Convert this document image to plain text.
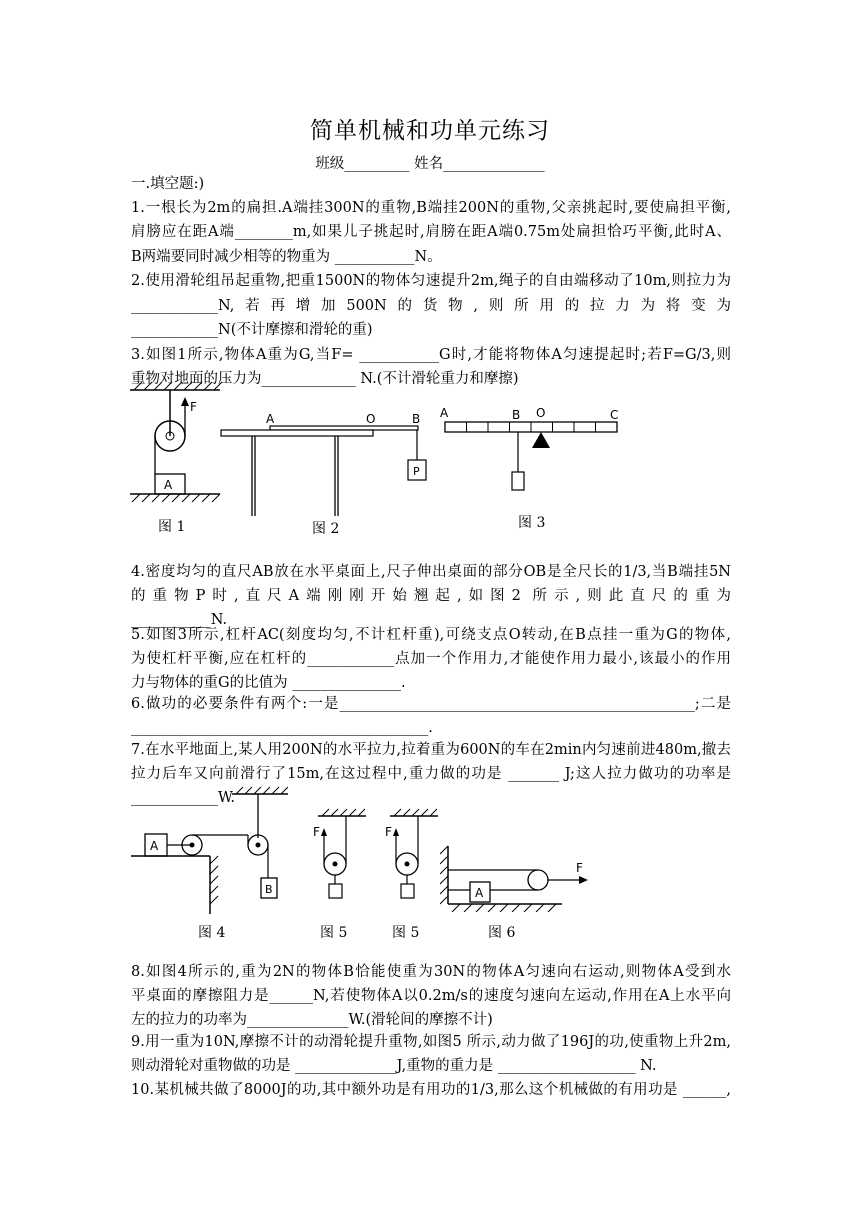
简单机械和功单元练习
班级_________ 姓名______________
一.填空题:)
1.一根长为2m的扁担.A端挂300N的重物,B端挂200N的重物,父亲挑起时,要使扁担平衡,
肩膀应在距A端________m,如果儿子挑起时,肩膀在距A端0.75m处扁担恰巧平衡,此时A、
B两端要同时减少相等的物重为 ___________N。
2.使用滑轮组吊起重物,把重1500N的物体匀速提升2m,绳子的自由端移动了10m,则拉力为
____________N,若再增加500N的货物,则所用的拉力为将变为
____________N(不计摩擦和滑轮的重)
3.如图1所示,物体A重为G,当F= ___________G时,才能将物体A匀速提起时;若F=G/3,则
重物对地面的压力为_____________ N.(不计滑轮重力和摩擦)
F
A
图 1
A	O	B
P
图 2
A	B O	C
图 3
4.密度均匀的直尺AB放在水平桌面上,尺子伸出桌面的部分OB是全尺长的1/3,当B端挂5N
的重物P时,直尺A端刚刚开始翘起,如图2 所示,则此直尺的重为
___________N.
5.如图3所示,杠杆AC(刻度均匀,不计杠杆重),可绕支点O转动,在B点挂一重为G的物体,
为使杠杆平衡,应在杠杆的____________点加一个作用力,才能使作用力最小,该最小的作用
力与物体的重G的比值为 _______________.
6.做功的必要条件有两个:一是_________________________________________________;二是
_________________________________________.
7.在水平地面上,某人用200N的水平拉力,拉着重为600N的车在2min内匀速前进480m,撤去
拉力后车又向前滑行了15m,在这过程中,重力做的功是 _______ J;这人拉力做功的功率是
____________W.
A
B
图 4
F
图 5
F
图 5
A
F
图 6
8.如图4所示的,重为2N的物体B恰能使重为30N的物体A匀速向右运动,则物体A受到水
平桌面的摩擦阻力是______N,若使物体A以0.2m/s的速度匀速向左运动,作用在A上水平向
左的拉力的功率为______________W.(滑轮间的摩擦不计)
9.用一重为10N,摩擦不计的动滑轮提升重物,如图5 所示,动力做了196J的功,使重物上升2m,
则动滑轮对重物做的功是 ______________J,重物的重力是 ___________________ N.
10.某机械共做了8000J的功,其中额外功是有用功的1/3,那么这个机械做的有用功是 ______,
